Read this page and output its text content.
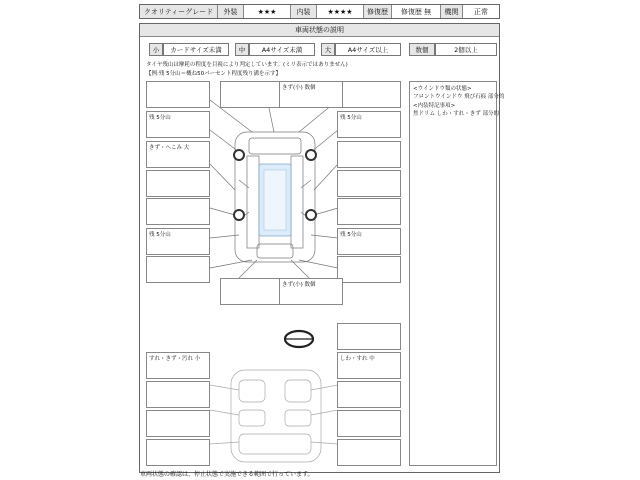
クオリティーグレード	外装	★★★	内装	★★★★	修復歴	修復歴 無	機関	正常
車両状態の説明
小	カードサイズ未満	中	A4サイズ未満	大	A4サイズ以上	数個	2個以上
タイヤ残山は摩耗の程度を目視により判定しています。(ミリ表示ではありません)
【例:残 5分山＝概ね50パーセント程度残り溝を示す】
<ウインドウ類の状態>
フロントウインドウ 飛び石痕 部分的
<内装特記事項>
焦ドリム しわ・すれ・きず 部分的
残 5分山
きず・へこみ 大
残 5分山
すれ・きず・汚れ 小
残 5分山
残 5分山
しわ・すれ 中
きず(小) 数個
きず(小) 数個
車両状態の確認は、停止状態で実施できる範囲で行っています。
